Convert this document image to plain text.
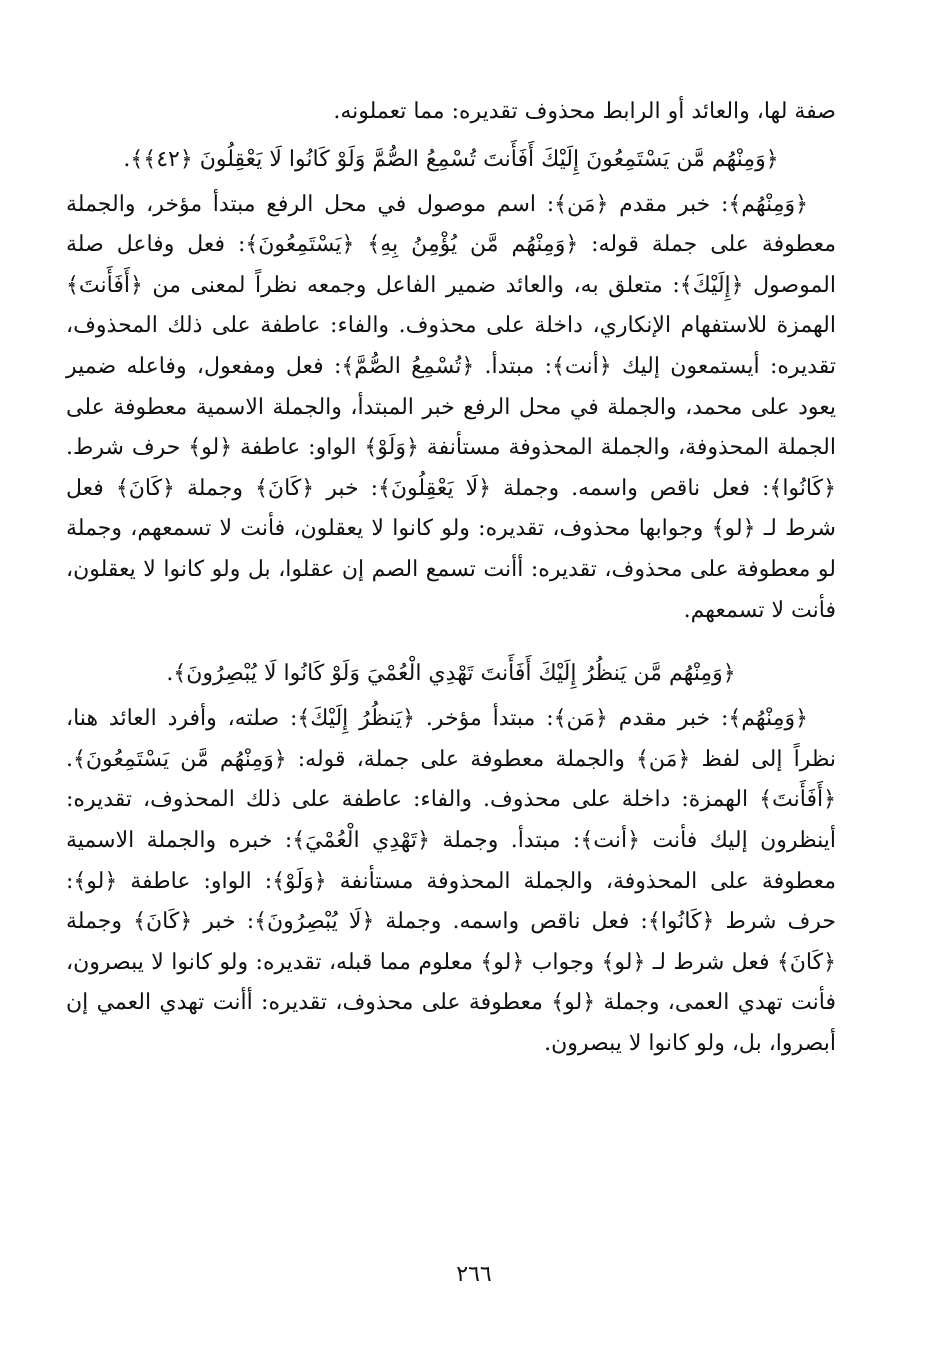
صفة لها، والعائد أو الرابط محذوف تقديره: مما تعملونه.

﴿وَمِنْهُم مَّن يَسْتَمِعُونَ إِلَيْكَ أَفَأَنتَ تُسْمِعُ الصُّمَّ وَلَوْ كَانُوا لَا يَعْقِلُونَ ﴿٤٢﴾﴾.

﴿وَمِنْهُم﴾: خبر مقدم ﴿مَن﴾: اسم موصول في محل الرفع مبتدأ مؤخر، والجملة معطوفة على جملة قوله: ﴿وَمِنْهُم مَّن يُؤْمِنُ بِهِ﴾ ﴿يَسْتَمِعُونَ﴾: فعل وفاعل صلة الموصول ﴿إِلَيْكَ﴾: متعلق به، والعائد ضمير الفاعل وجمعه نظراً لمعنى من ﴿أَفَأَنتَ﴾ الهمزة للاستفهام الإنكاري، داخلة على محذوف. والفاء: عاطفة على ذلك المحذوف، تقديره: أيستمعون إليك ﴿أنت﴾: مبتدأ. ﴿تُسْمِعُ الصُّمَّ﴾: فعل ومفعول، وفاعله ضمير يعود على محمد، والجملة في محل الرفع خبر المبتدأ، والجملة الاسمية معطوفة على الجملة المحذوفة، والجملة المحذوفة مستأنفة ﴿وَلَوْ﴾ الواو: عاطفة ﴿لو﴾ حرف شرط. ﴿كَانُوا﴾: فعل ناقص واسمه. وجملة ﴿لَا يَعْقِلُونَ﴾: خبر ﴿كَانَ﴾ وجملة ﴿كَانَ﴾ فعل شرط لـ ﴿لو﴾ وجوابها محذوف، تقديره: ولو كانوا لا يعقلون، فأنت لا تسمعهم، وجملة لو معطوفة على محذوف، تقديره: أأنت تسمع الصم إن عقلوا، بل ولو كانوا لا يعقلون، فأنت لا تسمعهم.

﴿وَمِنْهُم مَّن يَنظُرُ إِلَيْكَ أَفَأَنتَ تَهْدِي الْعُمْيَ وَلَوْ كَانُوا لَا يُبْصِرُونَ﴾.

﴿وَمِنْهُم﴾: خبر مقدم ﴿مَن﴾: مبتدأ مؤخر. ﴿يَنظُرُ إِلَيْكَ﴾: صلته، وأفرد العائد هنا، نظراً إلى لفظ ﴿مَن﴾ والجملة معطوفة على جملة، قوله: ﴿وَمِنْهُم مَّن يَسْتَمِعُونَ﴾. ﴿أَفَأَنتَ﴾ الهمزة: داخلة على محذوف. والفاء: عاطفة على ذلك المحذوف، تقديره: أينظرون إليك فأنت ﴿أنت﴾: مبتدأ. وجملة ﴿تَهْدِي الْعُمْيَ﴾: خبره والجملة الاسمية معطوفة على المحذوفة، والجملة المحذوفة مستأنفة ﴿وَلَوْ﴾: الواو: عاطفة ﴿لو﴾: حرف شرط ﴿كَانُوا﴾: فعل ناقص واسمه. وجملة ﴿لَا يُبْصِرُونَ﴾: خبر ﴿كَانَ﴾ وجملة ﴿كَانَ﴾ فعل شرط لـ ﴿لو﴾ وجواب ﴿لو﴾ معلوم مما قبله، تقديره: ولو كانوا لا يبصرون، فأنت تهدي العمى، وجملة ﴿لو﴾ معطوفة على محذوف، تقديره: أأنت تهدي العمي إن أبصروا، بل، ولو كانوا لا يبصرون.

٢٦٦
